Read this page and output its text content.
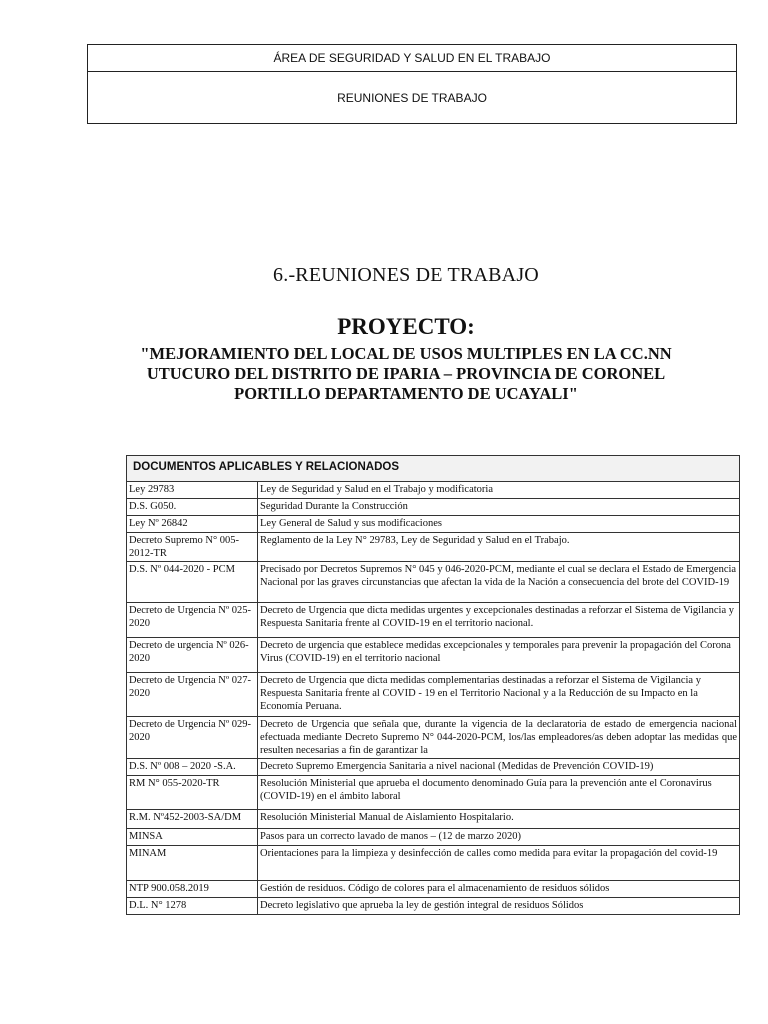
ÁREA DE SEGURIDAD Y SALUD EN EL TRABAJO
REUNIONES DE TRABAJO
6.-REUNIONES DE TRABAJO
PROYECTO:
"MEJORAMIENTO DEL LOCAL DE USOS MULTIPLES EN LA CC.NN UTUCURO DEL DISTRITO DE IPARIA – PROVINCIA DE CORONEL PORTILLO DEPARTAMENTO DE UCAYALI"
DOCUMENTOS APLICABLES Y RELACIONADOS	
Ley 29783	Ley de Seguridad y Salud en el Trabajo y modificatoria
D.S. G050.	Seguridad Durante la Construcción
Ley Nº 26842	Ley General de Salud y sus modificaciones
Decreto Supremo N° 005-2012-TR	Reglamento de la Ley N° 29783, Ley de Seguridad y Salud en el Trabajo.
D.S. Nº 044-2020 - PCM	Precisado por Decretos Supremos N° 045 y 046-2020-PCM, mediante el cual se declara el Estado de Emergencia Nacional por las graves circunstancias que afectan la vida de la Nación a consecuencia del brote del COVID-19
Decreto de Urgencia Nº 025-2020	Decreto de Urgencia que dicta medidas urgentes y excepcionales destinadas a reforzar el Sistema de Vigilancia y Respuesta Sanitaria frente al COVID-19 en el territorio nacional.
Decreto de urgencia Nº 026-2020	Decreto de urgencia que establece medidas excepcionales y temporales para prevenir la propagación del Corona Virus (COVID-19) en el territorio nacional
Decreto de Urgencia Nº 027-2020	Decreto de Urgencia que dicta medidas complementarias destinadas a reforzar el Sistema de Vigilancia y Respuesta Sanitaria frente al COVID - 19 en el Territorio Nacional y a la Reducción de su Impacto en la Economía Peruana.
Decreto de Urgencia Nº 029-2020	Decreto de Urgencia que señala que, durante la vigencia de la declaratoria de estado de emergencia nacional efectuada mediante Decreto Supremo N° 044-2020-PCM, los/las empleadores/as deben adoptar las medidas que resulten necesarias a fin de garantizar la

D.S. Nº 008 – 2020 -S.A.	Decreto Supremo Emergencia Sanitaria a nivel nacional (Medidas de Prevención COVID-19)
RM N° 055-2020-TR	Resolución Ministerial que aprueba el documento denominado Guía para la prevención ante el Coronavirus (COVID-19) en el ámbito laboral
R.M. Nº452-2003-SA/DM	Resolución Ministerial Manual de Aislamiento Hospitalario.
MINSA	Pasos para un correcto lavado de manos – (12 de marzo 2020)
MINAM	Orientaciones para la limpieza y desinfección de calles como medida para evitar la propagación del covid-19
NTP 900.058.2019	Gestión de residuos. Código de colores para el almacenamiento de residuos sólidos
D.L. N° 1278	Decreto legislativo que aprueba la ley de gestión integral de residuos Sólidos
